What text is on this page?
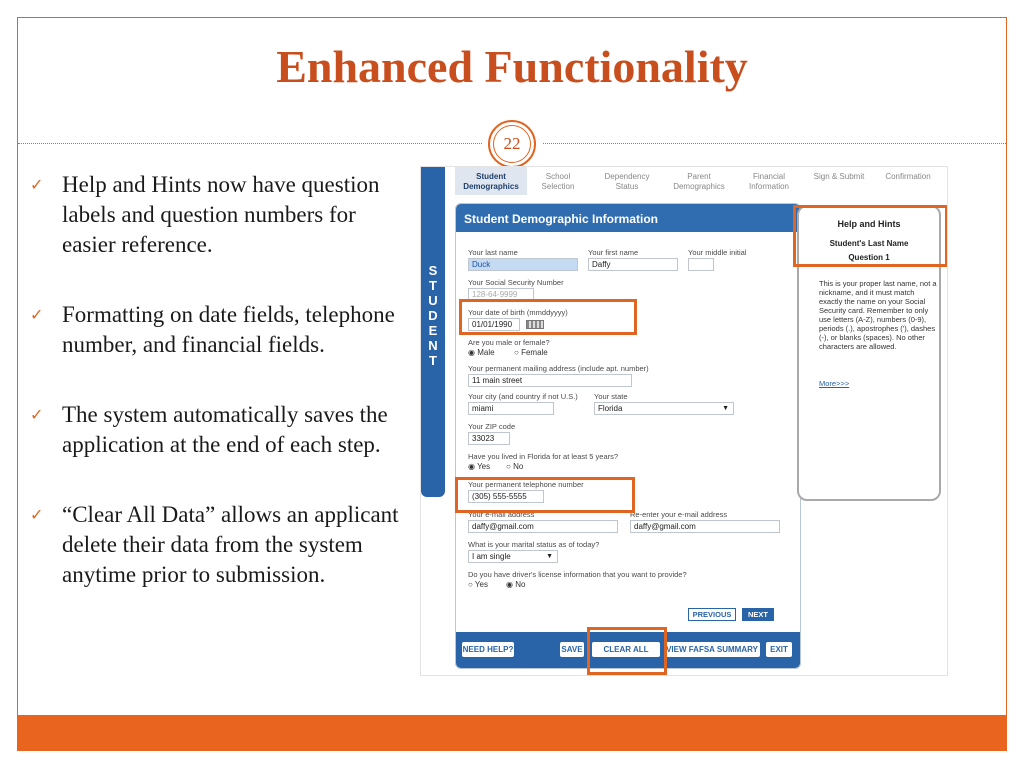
Enhanced Functionality
22
✓ Help and Hints now have question labels and question numbers for easier reference.
✓ Formatting on date fields, telephone number, and financial fields.
✓ The system automatically saves the application at the end of each step.
✓ “Clear All Data” allows an applicant delete their data from the system anytime prior to submission.
S
T
U
D
E
N
T
Student
Demographics
School
Selection
Dependency
Status
Parent
Demographics
Financial
Information
Sign & Submit	Confirmation
Student Demographic Information
Your last name
Duck
Your first name
Daffy
Your middle initial
Your Social Security Number
128-64-9999
Your date of birth (mmddyyyy)
01/01/1990
Are you male or female?
◉ Male ○ Female
Your permanent mailing address (include apt. number)
11 main street
Your city (and country if not U.S.)
miami
Your state
Florida	▼
Your ZIP code
33023
Have you lived in Florida for at least 5 years?
◉ Yes ○ No
Your permanent telephone number
(305) 555-5555
Your e-mail address
daffy@gmail.com
Re-enter your e-mail address
daffy@gmail.com
What is your marital status as of today?
I am single	▼
Do you have driver's license information that you want to provide?
○ Yes ◉ No
PREVIOUS	NEXT
NEED HELP?	SAVE	CLEAR ALL DATA
VIEW FAFSA SUMMARY	EXIT
Help and Hints
Student's Last Name
Question 1
This is your proper last name, not a nickname, and it must match exactly the name on your Social Security card. Remember to only use letters (A-Z), numbers (0-9), periods (.), apostrophes ('), dashes (-), or blanks (spaces). No other characters are allowed.
More>>>
